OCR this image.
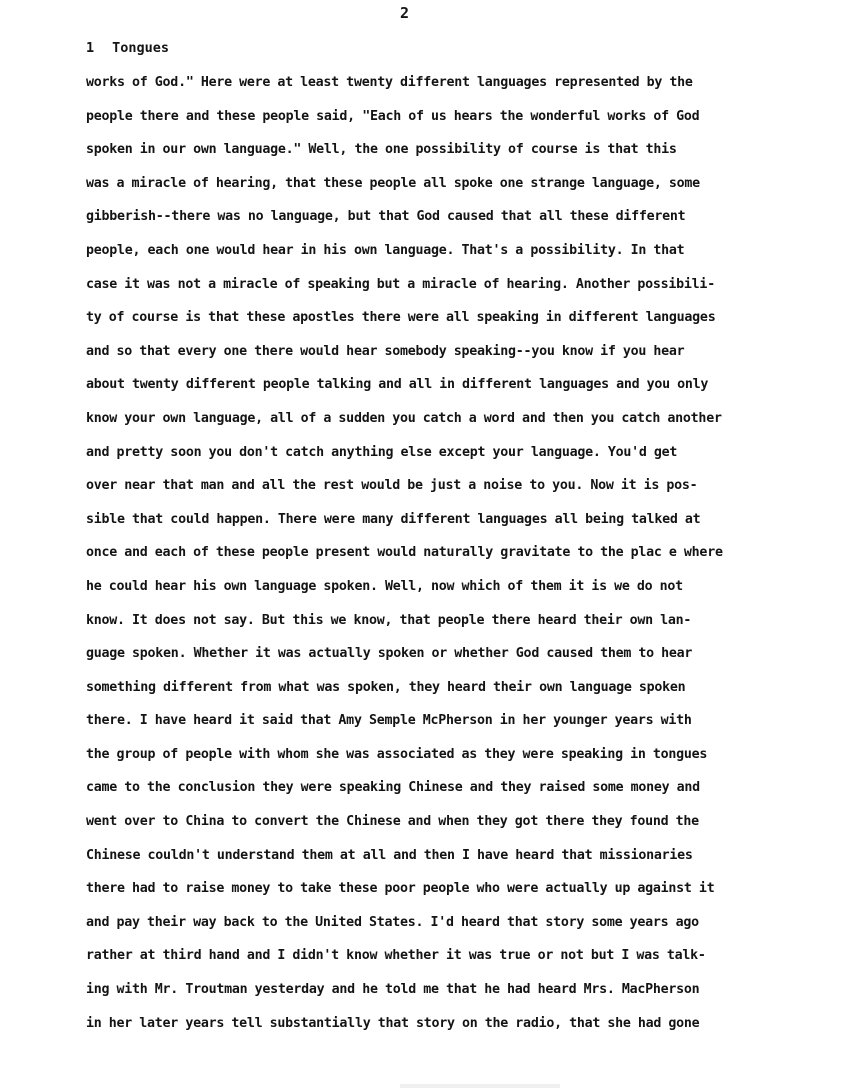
2
1 Tongues
works of God." Here were at least twenty different languages represented by the
people there and these people said, "Each of us hears the wonderful works of God
spoken in our own language." Well, the one possibility of course is that this
was a miracle of hearing, that these people all spoke one strange language, some
gibberish--there was no language, but that God caused that all these different
people, each one would hear in his own language. That's a possibility. In that
case it was not a miracle of speaking but a miracle of hearing. Another possibili-
ty of course is that these apostles there were all speaking in different languages
and so that every one there would hear somebody speaking--you know if you hear
about twenty different people talking and all in different languages and you only
know your own language, all of a sudden you catch a word and then you catch another
and pretty soon you don't catch anything else except your language. You'd get
over near that man and all the rest would be just a noise to you. Now it is pos-
sible that could happen. There were many different languages all being talked at
once and each of these people present would naturally gravitate to the plac e where
he could hear his own language spoken. Well, now which of them it is we do not
know. It does not say. But this we know, that people there heard their own lan-
guage spoken. Whether it was actually spoken or whether God caused them to hear
something different from what was spoken, they heard their own language spoken
there. I have heard it said that Amy Semple McPherson in her younger years with
the group of people with whom she was associated as they were speaking in tongues
came to the conclusion they were speaking Chinese and they raised some money and
went over to China to convert the Chinese and when they got there they found the
Chinese couldn't understand them at all and then I have heard that missionaries
there had to raise money to take these poor people who were actually up against it
and pay their way back to the United States. I'd heard that story some years ago
rather at third hand and I didn't know whether it was true or not but I was talk-
ing with Mr. Troutman yesterday and he told me that he had heard Mrs. MacPherson
in her later years tell substantially that story on the radio, that she had gone
